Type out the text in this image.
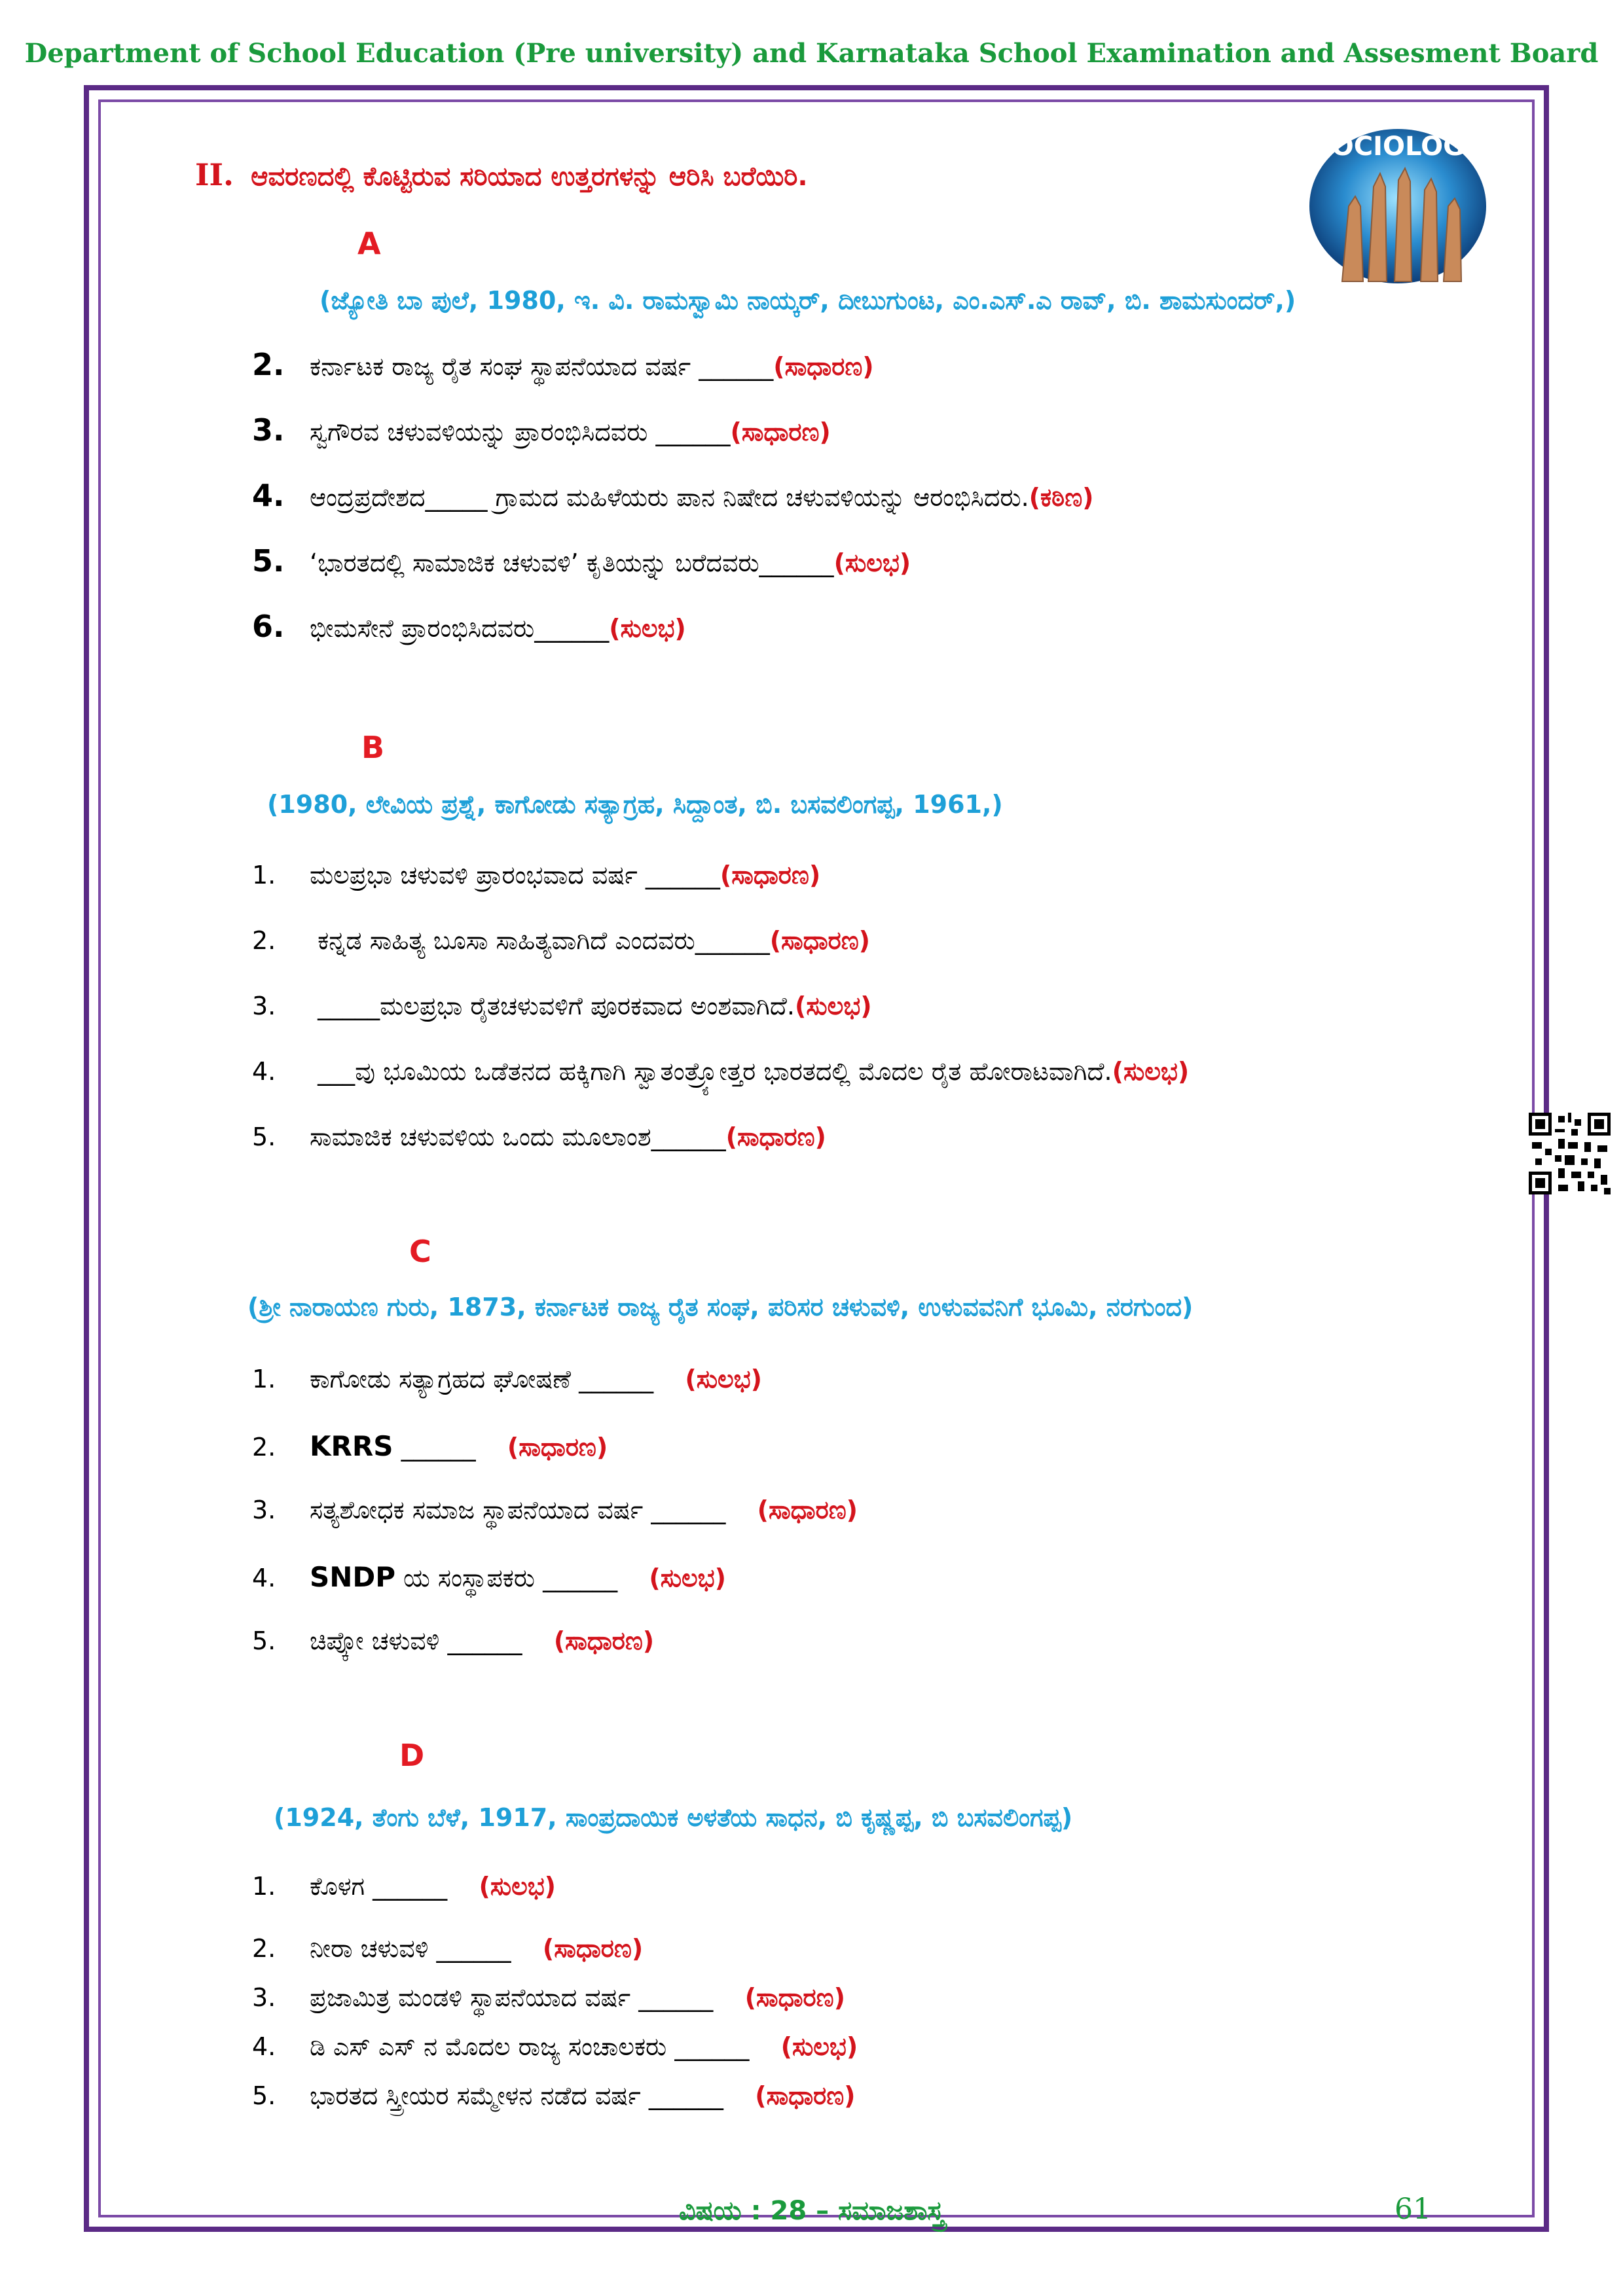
Department of School Education (Pre university) and Karnataka School Examination and Assesment Board
SOCIOLOGY
II. ಆವರಣದಲ್ಲಿ ಕೊಟ್ಟಿರುವ ಸರಿಯಾದ ಉತ್ತರಗಳನ್ನು ಆರಿಸಿ ಬರೆಯಿರಿ.
A
(ಜ್ಯೋತಿ ಬಾ ಪುಲೆ, 1980, ಇ. ವಿ. ರಾಮಸ್ವಾಮಿ ನಾಯ್ಕರ್, ದೀಬುಗುಂಟ, ಎಂ.ಎಸ್.ಎ ರಾವ್, ಬಿ. ಶಾಮಸುಂದರ್,)
2. ಕರ್ನಾಟಕ ರಾಜ್ಯ ರೈತ ಸಂಘ ಸ್ಥಾಪನೆಯಾದ ವರ್ಷ ______(ಸಾಧಾರಣ)
3. ಸ್ವಗೌರವ ಚಳುವಳಿಯನ್ನು ಪ್ರಾರಂಭಿಸಿದವರು ______(ಸಾಧಾರಣ)
4. ಆಂದ್ರಪ್ರದೇಶದ_____ ಗ್ರಾಮದ ಮಹಿಳೆಯರು ಪಾನ ನಿಷೇದ ಚಳುವಳಿಯನ್ನು ಆರಂಭಿಸಿದರು.(ಕಠಿಣ)
5. ‘ಭಾರತದಲ್ಲಿ ಸಾಮಾಜಿಕ ಚಳುವಳಿ’ ಕೃತಿಯನ್ನು ಬರೆದವರು______(ಸುಲಭ)
6. ಭೀಮಸೇನೆ ಪ್ರಾರಂಭಿಸಿದವರು______(ಸುಲಭ)
B
(1980, ಲೇವಿಯ ಪ್ರಶ್ನೆ, ಕಾಗೋಡು ಸತ್ಯಾಗ್ರಹ, ಸಿದ್ದಾಂತ, ಬಿ. ಬಸವಲಿಂಗಪ್ಪ, 1961,)
1. ಮಲಪ್ರಭಾ ಚಳುವಳಿ ಪ್ರಾರಂಭವಾದ ವರ್ಷ ______(ಸಾಧಾರಣ)
2. ಕನ್ನಡ ಸಾಹಿತ್ಯ ಬೂಸಾ ಸಾಹಿತ್ಯವಾಗಿದೆ ಎಂದವರು______(ಸಾಧಾರಣ)
3. _____ಮಲಪ್ರಭಾ ರೈತಚಳುವಳಿಗೆ ಪೂರಕವಾದ ಅಂಶವಾಗಿದೆ.(ಸುಲಭ)
4. ___ವು ಭೂಮಿಯ ಒಡೆತನದ ಹಕ್ಕಿಗಾಗಿ ಸ್ವಾತಂತ್ರ್ಯೋತ್ತರ ಭಾರತದಲ್ಲಿ ಮೊದಲ ರೈತ ಹೋರಾಟವಾಗಿದೆ.(ಸುಲಭ)
5. ಸಾಮಾಜಿಕ ಚಳುವಳಿಯ ಒಂದು ಮೂಲಾಂಶ______(ಸಾಧಾರಣ)
C
(ಶ್ರೀ ನಾರಾಯಣ ಗುರು, 1873, ಕರ್ನಾಟಕ ರಾಜ್ಯ ರೈತ ಸಂಘ, ಪರಿಸರ ಚಳುವಳಿ, ಉಳುವವನಿಗೆ ಭೂಮಿ, ನರಗುಂದ)
1. ಕಾಗೋಡು ಸತ್ಯಾಗ್ರಹದ ಘೋಷಣೆ ______ (ಸುಲಭ)
2. KRRS ______ (ಸಾಧಾರಣ)
3. ಸತ್ಯಶೋಧಕ ಸಮಾಜ ಸ್ಥಾಪನೆಯಾದ ವರ್ಷ ______ (ಸಾಧಾರಣ)
4. SNDP ಯ ಸಂಸ್ಥಾಪಕರು ______ (ಸುಲಭ)
5. ಚಿಪ್ಕೋ ಚಳುವಳಿ ______ (ಸಾಧಾರಣ)
D
(1924, ತೆಂಗು ಬೆಳೆ, 1917, ಸಾಂಪ್ರದಾಯಿಕ ಅಳತೆಯ ಸಾಧನ, ಬಿ ಕೃಷ್ಣಪ್ಪ, ಬಿ ಬಸವಲಿಂಗಪ್ಪ)
1. ಕೊಳಗ ______ (ಸುಲಭ)
2. ನೀರಾ ಚಳುವಳಿ ______ (ಸಾಧಾರಣ)
3. ಪ್ರಜಾಮಿತ್ರ ಮಂಡಳಿ ಸ್ಥಾಪನೆಯಾದ ವರ್ಷ ______ (ಸಾಧಾರಣ)
4. ಡಿ ಎಸ್ ಎಸ್ ನ ಮೊದಲ ರಾಜ್ಯ ಸಂಚಾಲಕರು ______ (ಸುಲಭ)
5. ಭಾರತದ ಸ್ತ್ರೀಯರ ಸಮ್ಮೇಳನ ನಡೆದ ವರ್ಷ ______ (ಸಾಧಾರಣ)
ವಿಷಯ : 28 – ಸಮಾಜಶಾಸ್ತ್ರ	61
